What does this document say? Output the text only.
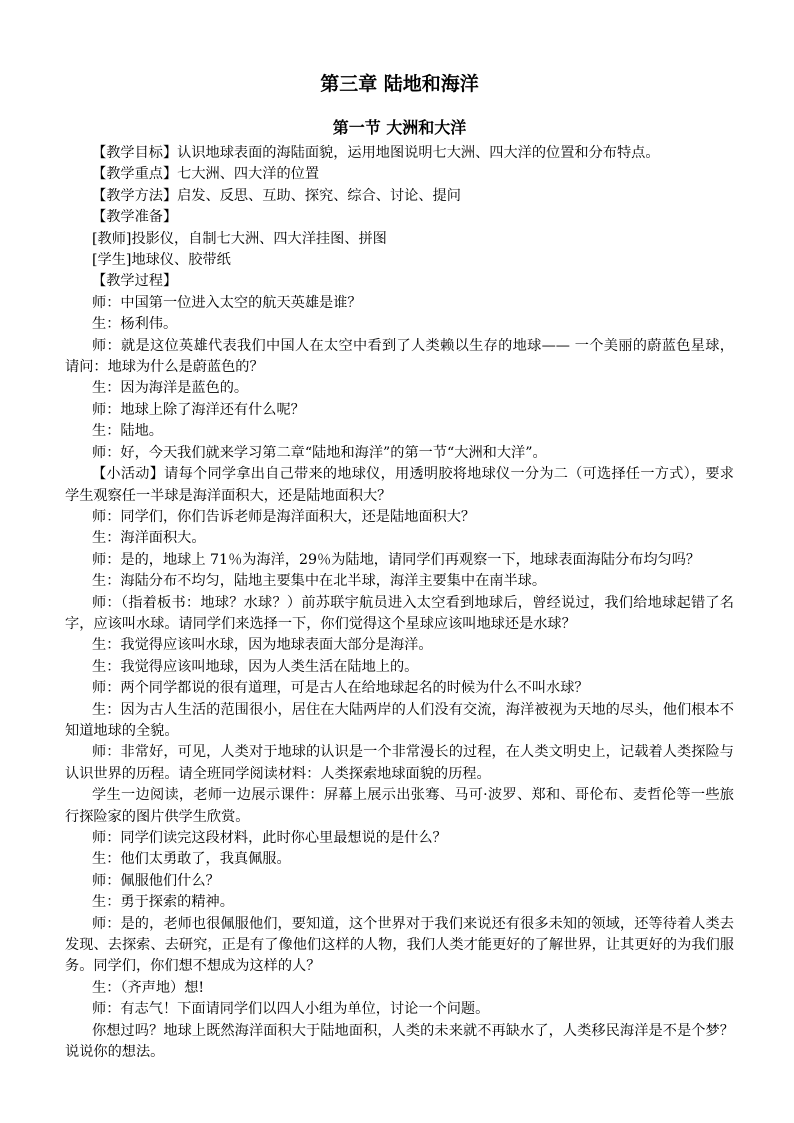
第三章 陆地和海洋
第一节 大洲和大洋

【教学目标】认识地球表面的海陆面貌，运用地图说明七大洲、四大洋的位置和分布特点。

【教学重点】七大洲、四大洋的位置

【教学方法】启发、反思、互助、探究、综合、讨论、提问

【教学准备】

[教师]投影仪，自制七大洲、四大洋挂图、拼图

[学生]地球仪、胶带纸

【教学过程】

师：中国第一位进入太空的航天英雄是谁？

生：杨利伟。

师：就是这位英雄代表我们中国人在太空中看到了人类赖以生存的地球—— 一个美丽的蔚蓝色星球，请问：地球为什么是蔚蓝色的？

生：因为海洋是蓝色的。

师：地球上除了海洋还有什么呢？

生：陆地。

师：好，今天我们就来学习第二章“陆地和海洋”的第一节“大洲和大洋”。

【小活动】请每个同学拿出自己带来的地球仪，用透明胶将地球仪一分为二（可选择任一方式），要求学生观察任一半球是海洋面积大，还是陆地面积大？

师：同学们，你们告诉老师是海洋面积大，还是陆地面积大？

生：海洋面积大。

师：是的，地球上 71％为海洋，29％为陆地，请同学们再观察一下，地球表面海陆分布均匀吗？

生：海陆分布不均匀，陆地主要集中在北半球，海洋主要集中在南半球。

师：（指着板书：地球？水球？）前苏联宇航员进入太空看到地球后，曾经说过，我们给地球起错了名字，应该叫水球。请同学们来选择一下，你们觉得这个星球应该叫地球还是水球？

生：我觉得应该叫水球，因为地球表面大部分是海洋。

生：我觉得应该叫地球，因为人类生活在陆地上的。

师：两个同学都说的很有道理，可是古人在给地球起名的时候为什么不叫水球？

生：因为古人生活的范围很小，居住在大陆两岸的人们没有交流，海洋被视为天地的尽头，他们根本不知道地球的全貌。

师：非常好，可见，人类对于地球的认识是一个非常漫长的过程，在人类文明史上，记载着人类探险与认识世界的历程。请全班同学阅读材料：人类探索地球面貌的历程。

学生一边阅读，老师一边展示课件：屏幕上展示出张骞、马可·波罗、郑和、哥伦布、麦哲伦等一些旅行探险家的图片供学生欣赏。

师：同学们读完这段材料，此时你心里最想说的是什么？

生：他们太勇敢了，我真佩服。

师：佩服他们什么？

生：勇于探索的精神。

师：是的，老师也很佩服他们，要知道，这个世界对于我们来说还有很多未知的领域，还等待着人类去发现、去探索、去研究，正是有了像他们这样的人物，我们人类才能更好的了解世界，让其更好的为我们服务。同学们，你们想不想成为这样的人？

生：（齐声地）想!

师：有志气！下面请同学们以四人小组为单位，讨论一个问题。

你想过吗？地球上既然海洋面积大于陆地面积，人类的未来就不再缺水了，人类移民海洋是不是个梦？说说你的想法。
